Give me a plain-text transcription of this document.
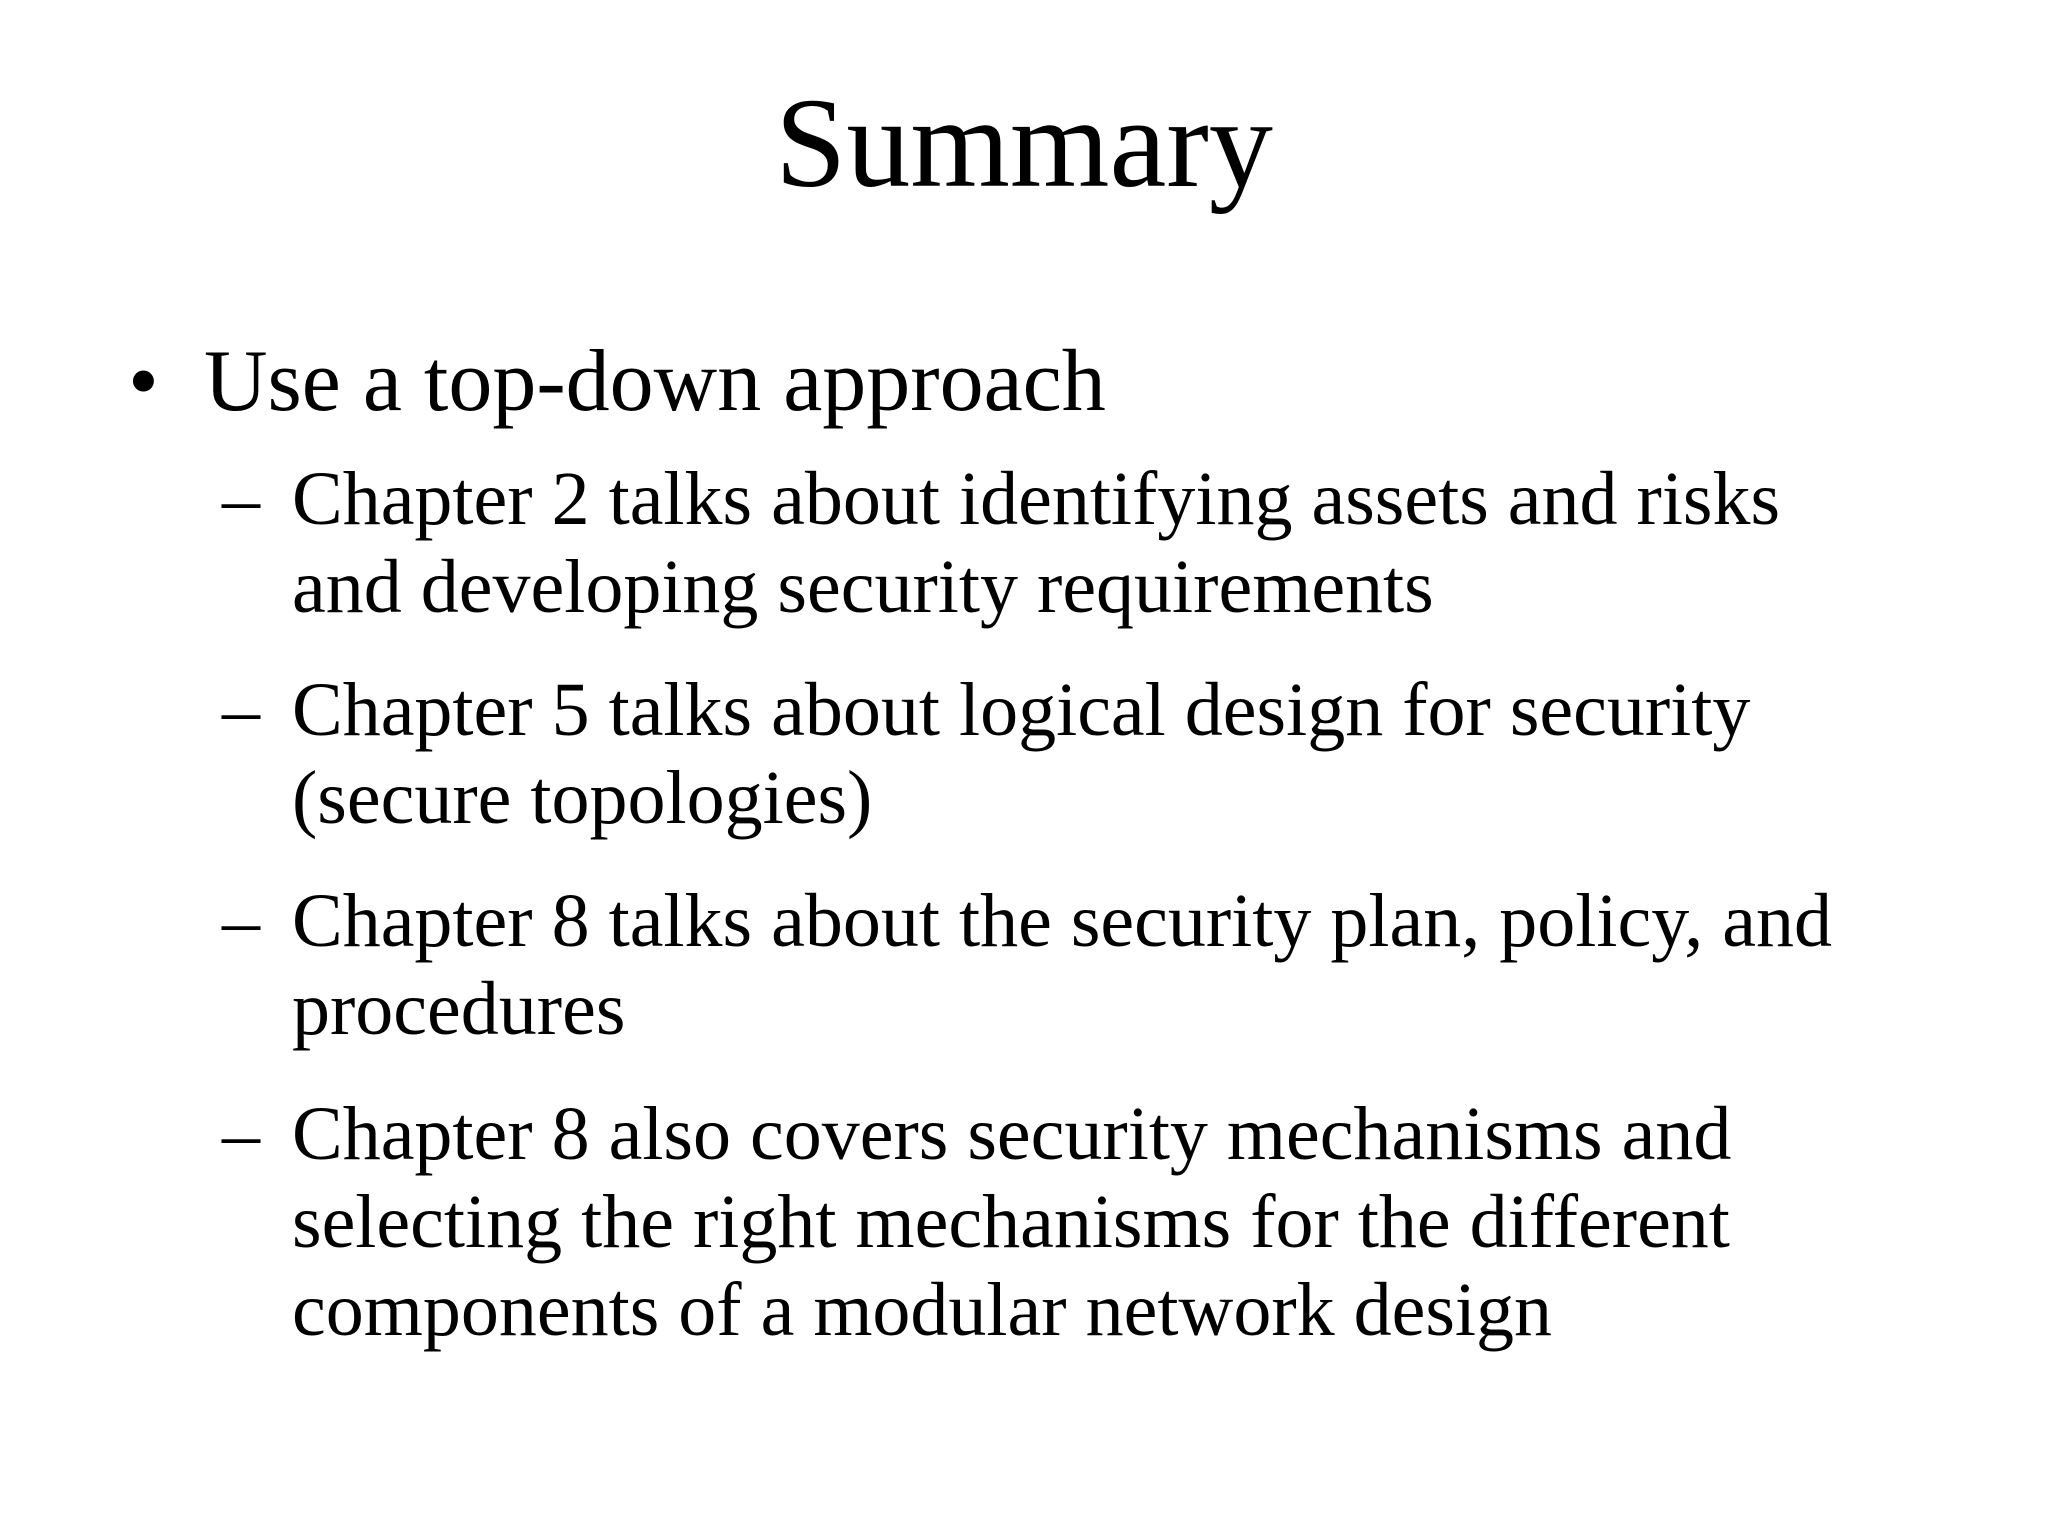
Summary
• Use a top-down approach
– Chapter 2 talks about identifying assets and risks
and developing security requirements
– Chapter 5 talks about logical design for security
(secure topologies)
– Chapter 8 talks about the security plan, policy, and
procedures
– Chapter 8 also covers security mechanisms and
selecting the right mechanisms for the different
components of a modular network design
